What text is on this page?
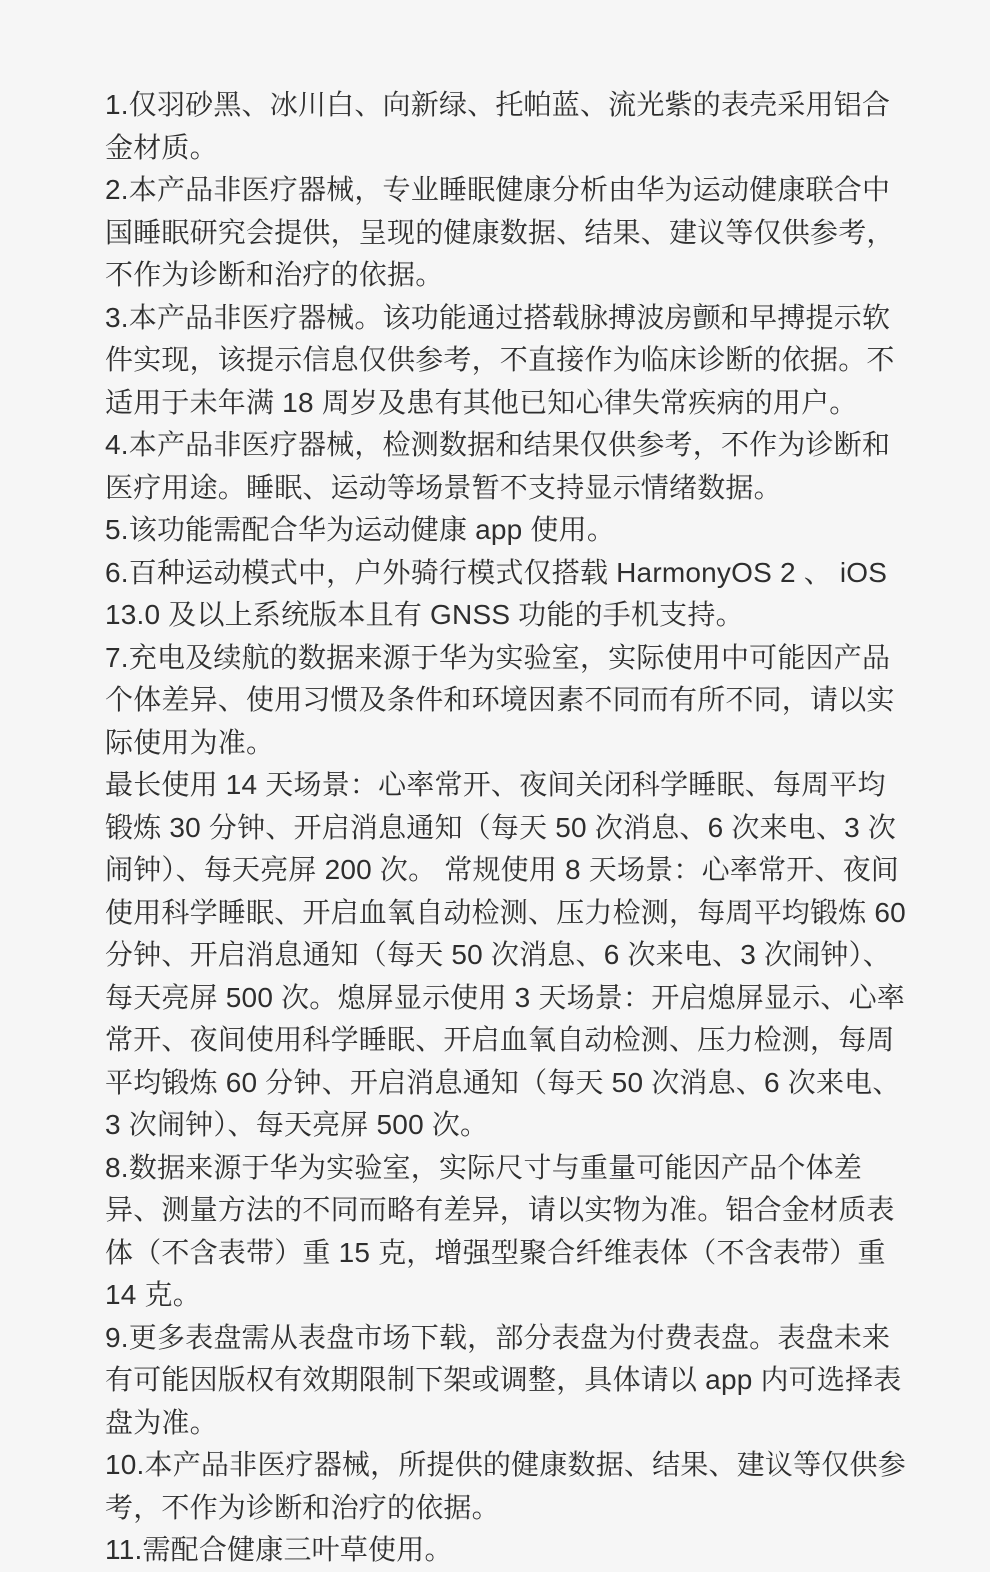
1.仅羽砂黑、冰川白、向新绿、托帕蓝、流光紫的表壳采用铝合金材质。

2.本产品非医疗器械，专业睡眠健康分析由华为运动健康联合中国睡眠研究会提供，呈现的健康数据、结果、建议等仅供参考，不作为诊断和治疗的依据。

3.本产品非医疗器械。该功能通过搭载脉搏波房颤和早搏提示软件实现，该提示信息仅供参考，不直接作为临床诊断的依据。不适用于未年满 18 周岁及患有其他已知心律失常疾病的用户。

4.本产品非医疗器械，检测数据和结果仅供参考，不作为诊断和医疗用途。睡眠、运动等场景暂不支持显示情绪数据。

5.该功能需配合华为运动健康 app 使用。

6.百种运动模式中，户外骑行模式仅搭载 HarmonyOS 2 、 iOS 13.0 及以上系统版本且有 GNSS 功能的手机支持。

7.充电及续航的数据来源于华为实验室，实际使用中可能因产品个体差异、使用习惯及条件和环境因素不同而有所不同，请以实际使用为准。

最长使用 14 天场景：心率常开、夜间关闭科学睡眠、每周平均锻炼 30 分钟、开启消息通知（每天 50 次消息、6 次来电、3 次闹钟）、每天亮屏 200 次。 常规使用 8 天场景：心率常开、夜间使用科学睡眠、开启血氧自动检测、压力检测，每周平均锻炼 60 分钟、开启消息通知（每天 50 次消息、6 次来电、3 次闹钟）、每天亮屏 500 次。熄屏显示使用 3 天场景：开启熄屏显示、心率常开、夜间使用科学睡眠、开启血氧自动检测、压力检测，每周平均锻炼 60 分钟、开启消息通知（每天 50 次消息、6 次来电、3 次闹钟）、每天亮屏 500 次。

8.数据来源于华为实验室，实际尺寸与重量可能因产品个体差异、测量方法的不同而略有差异，请以实物为准。铝合金材质表体（不含表带）重 15 克，增强型聚合纤维表体（不含表带）重 14 克。

9.更多表盘需从表盘市场下载，部分表盘为付费表盘。表盘未来有可能因版权有效期限制下架或调整，具体请以 app 内可选择表盘为准。

10.本产品非医疗器械，所提供的健康数据、结果、建议等仅供参考，不作为诊断和治疗的依据。

11.需配合健康三叶草使用。
